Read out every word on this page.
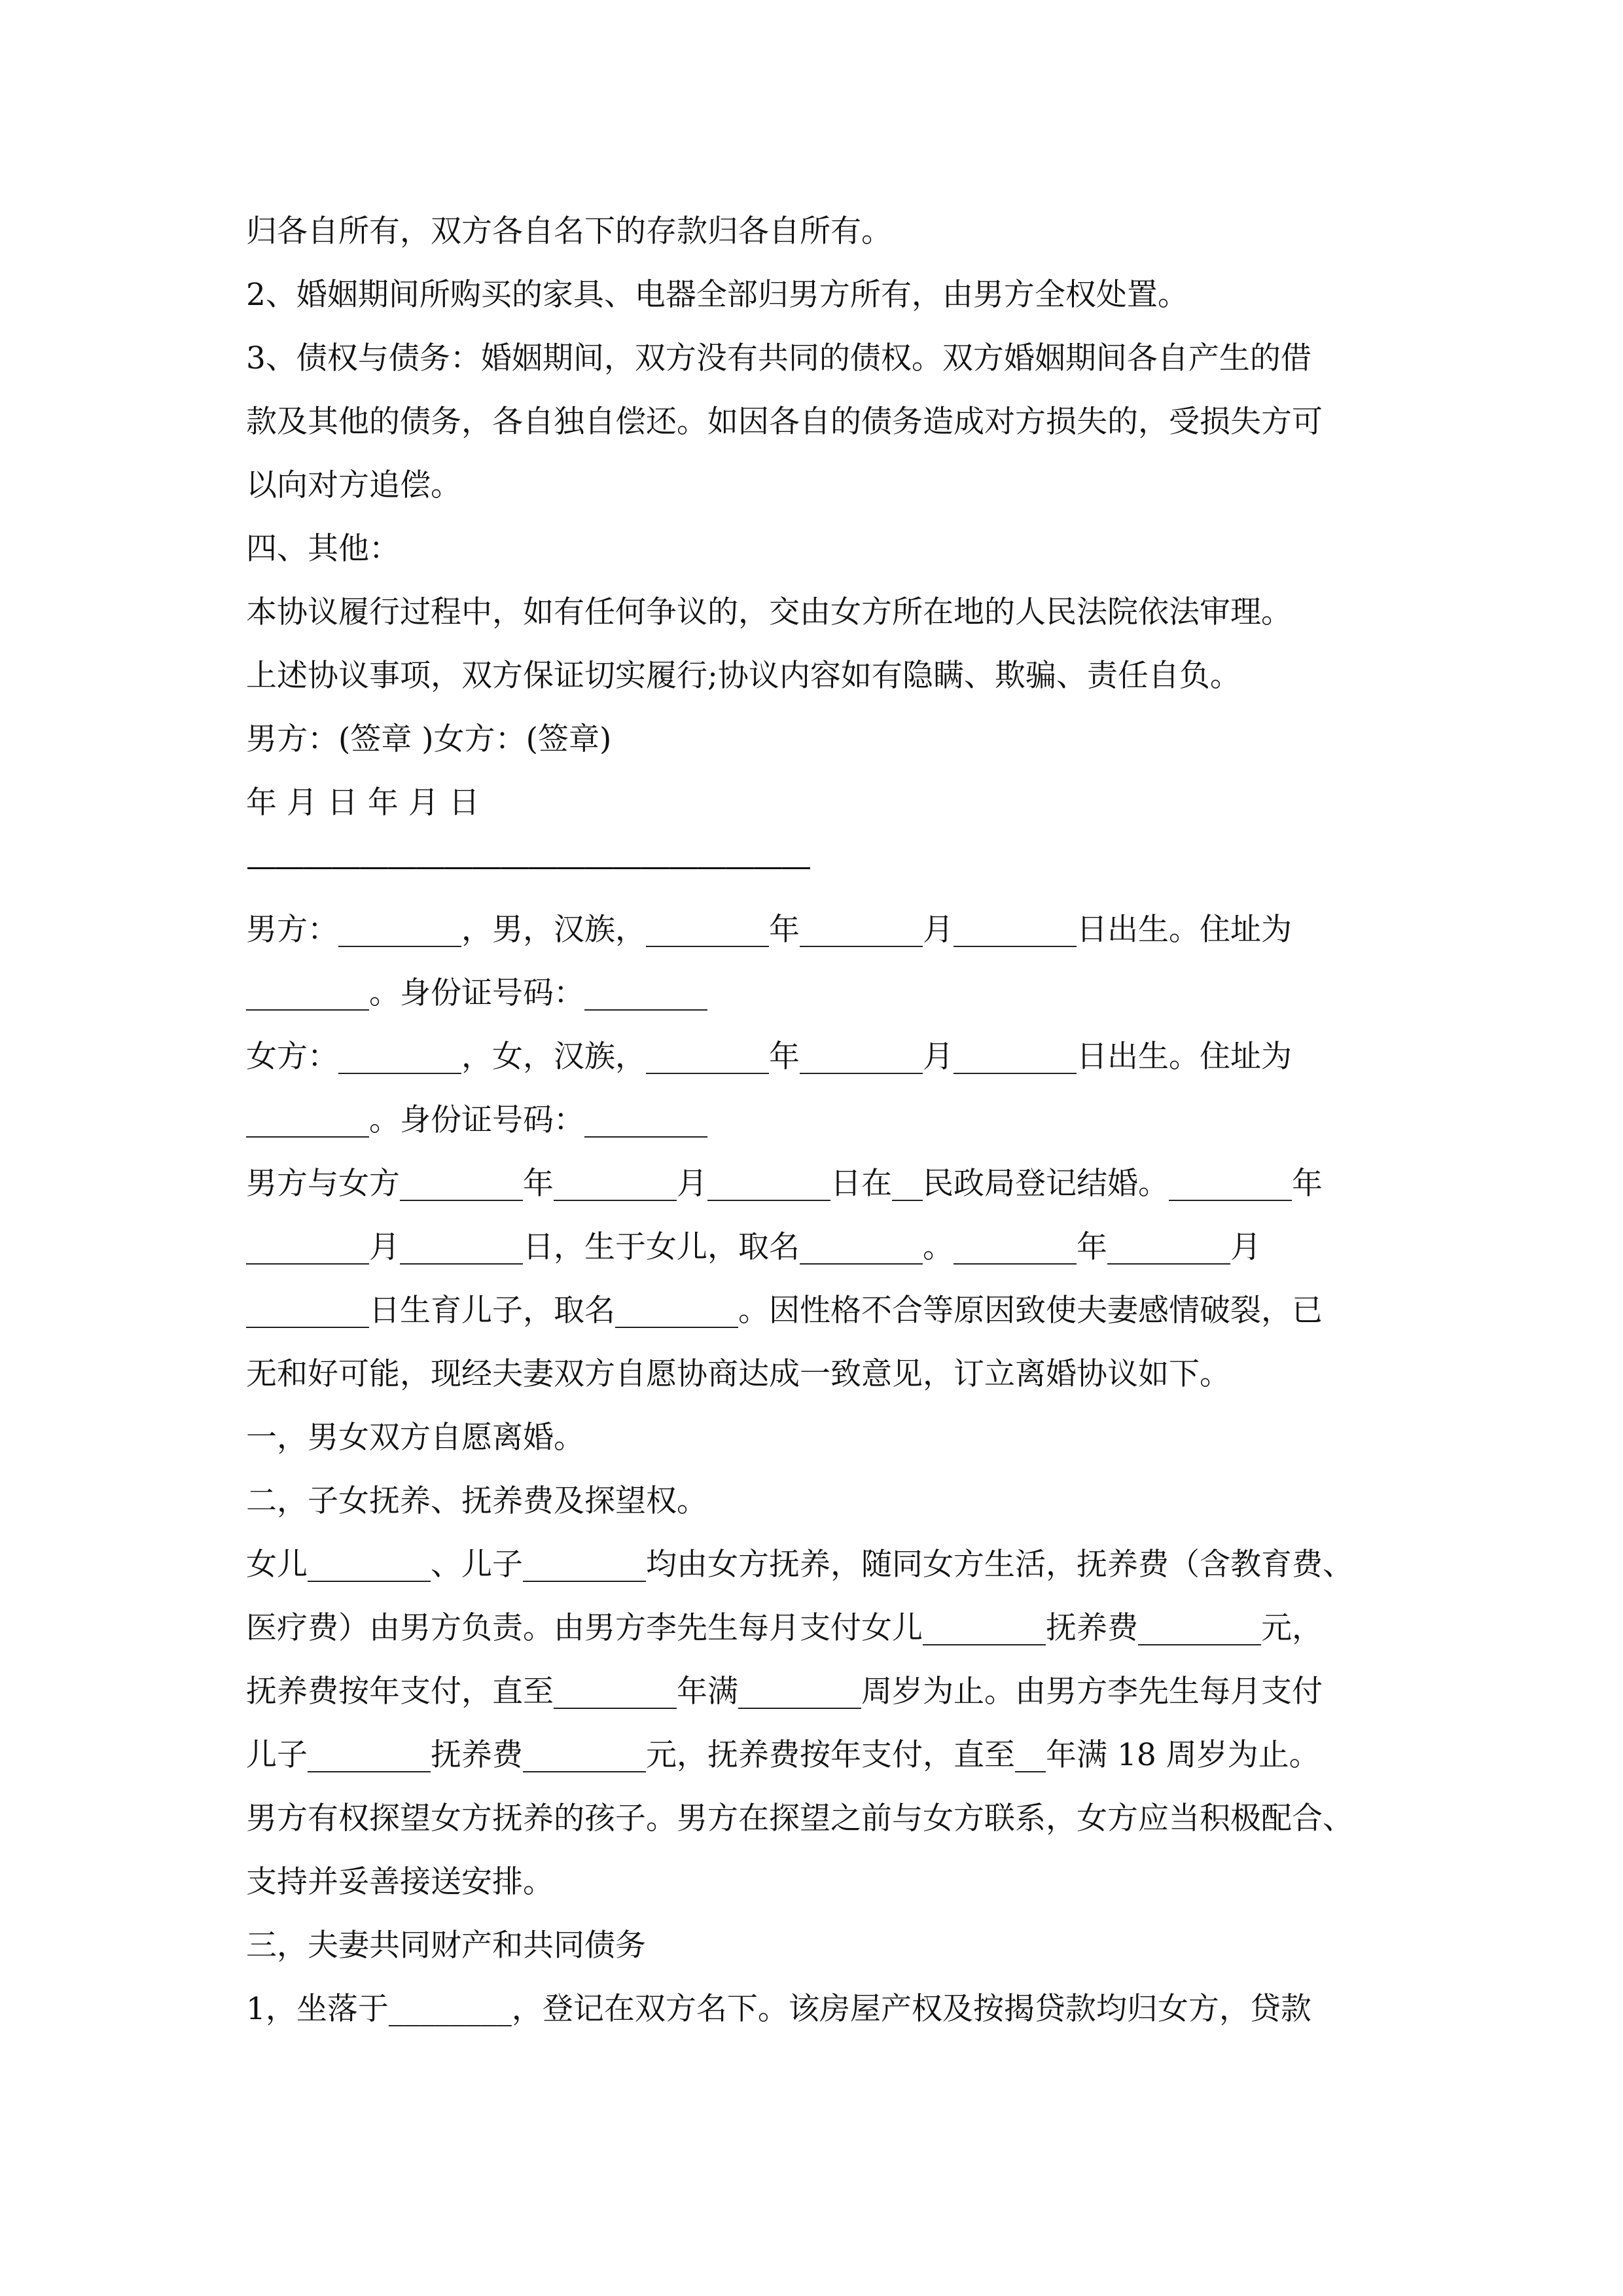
归各自所有，双方各自名下的存款归各自所有。
2、婚姻期间所购买的家具、电器全部归男方所有，由男方全权处置。
3、债权与债务：婚姻期间，双方没有共同的债权。双方婚姻期间各自产生的借
款及其他的债务，各自独自偿还。如因各自的债务造成对方损失的，受损失方可
以向对方追偿。
四、其他：
本协议履行过程中，如有任何争议的，交由女方所在地的人民法院依法审理。
上述协议事项，双方保证切实履行;协议内容如有隐瞒、欺骗、责任自负。
男方：(签章 )女方：(签章)
年 月 日 年 月 日
————————————————————
男方：________，男，汉族，________年________月________日出生。住址为
________。身份证号码：________
女方：________，女，汉族，________年________月________日出生。住址为
________。身份证号码：________
男方与女方________年________月________日在__民政局登记结婚。________年
________月________日，生于女儿，取名________。________年________月
________日生育儿子，取名________。因性格不合等原因致使夫妻感情破裂，已
无和好可能，现经夫妻双方自愿协商达成一致意见，订立离婚协议如下。
一，男女双方自愿离婚。
二，子女抚养、抚养费及探望权。
女儿________、儿子________均由女方抚养，随同女方生活，抚养费（含教育费、
医疗费）由男方负责。由男方李先生每月支付女儿________抚养费________元，
抚养费按年支付，直至________年满________周岁为止。由男方李先生每月支付
儿子________抚养费________元，抚养费按年支付，直至__年满 18 周岁为止。
男方有权探望女方抚养的孩子。男方在探望之前与女方联系，女方应当积极配合、
支持并妥善接送安排。
三，夫妻共同财产和共同债务
1，坐落于________，登记在双方名下。该房屋产权及按揭贷款均归女方，贷款
